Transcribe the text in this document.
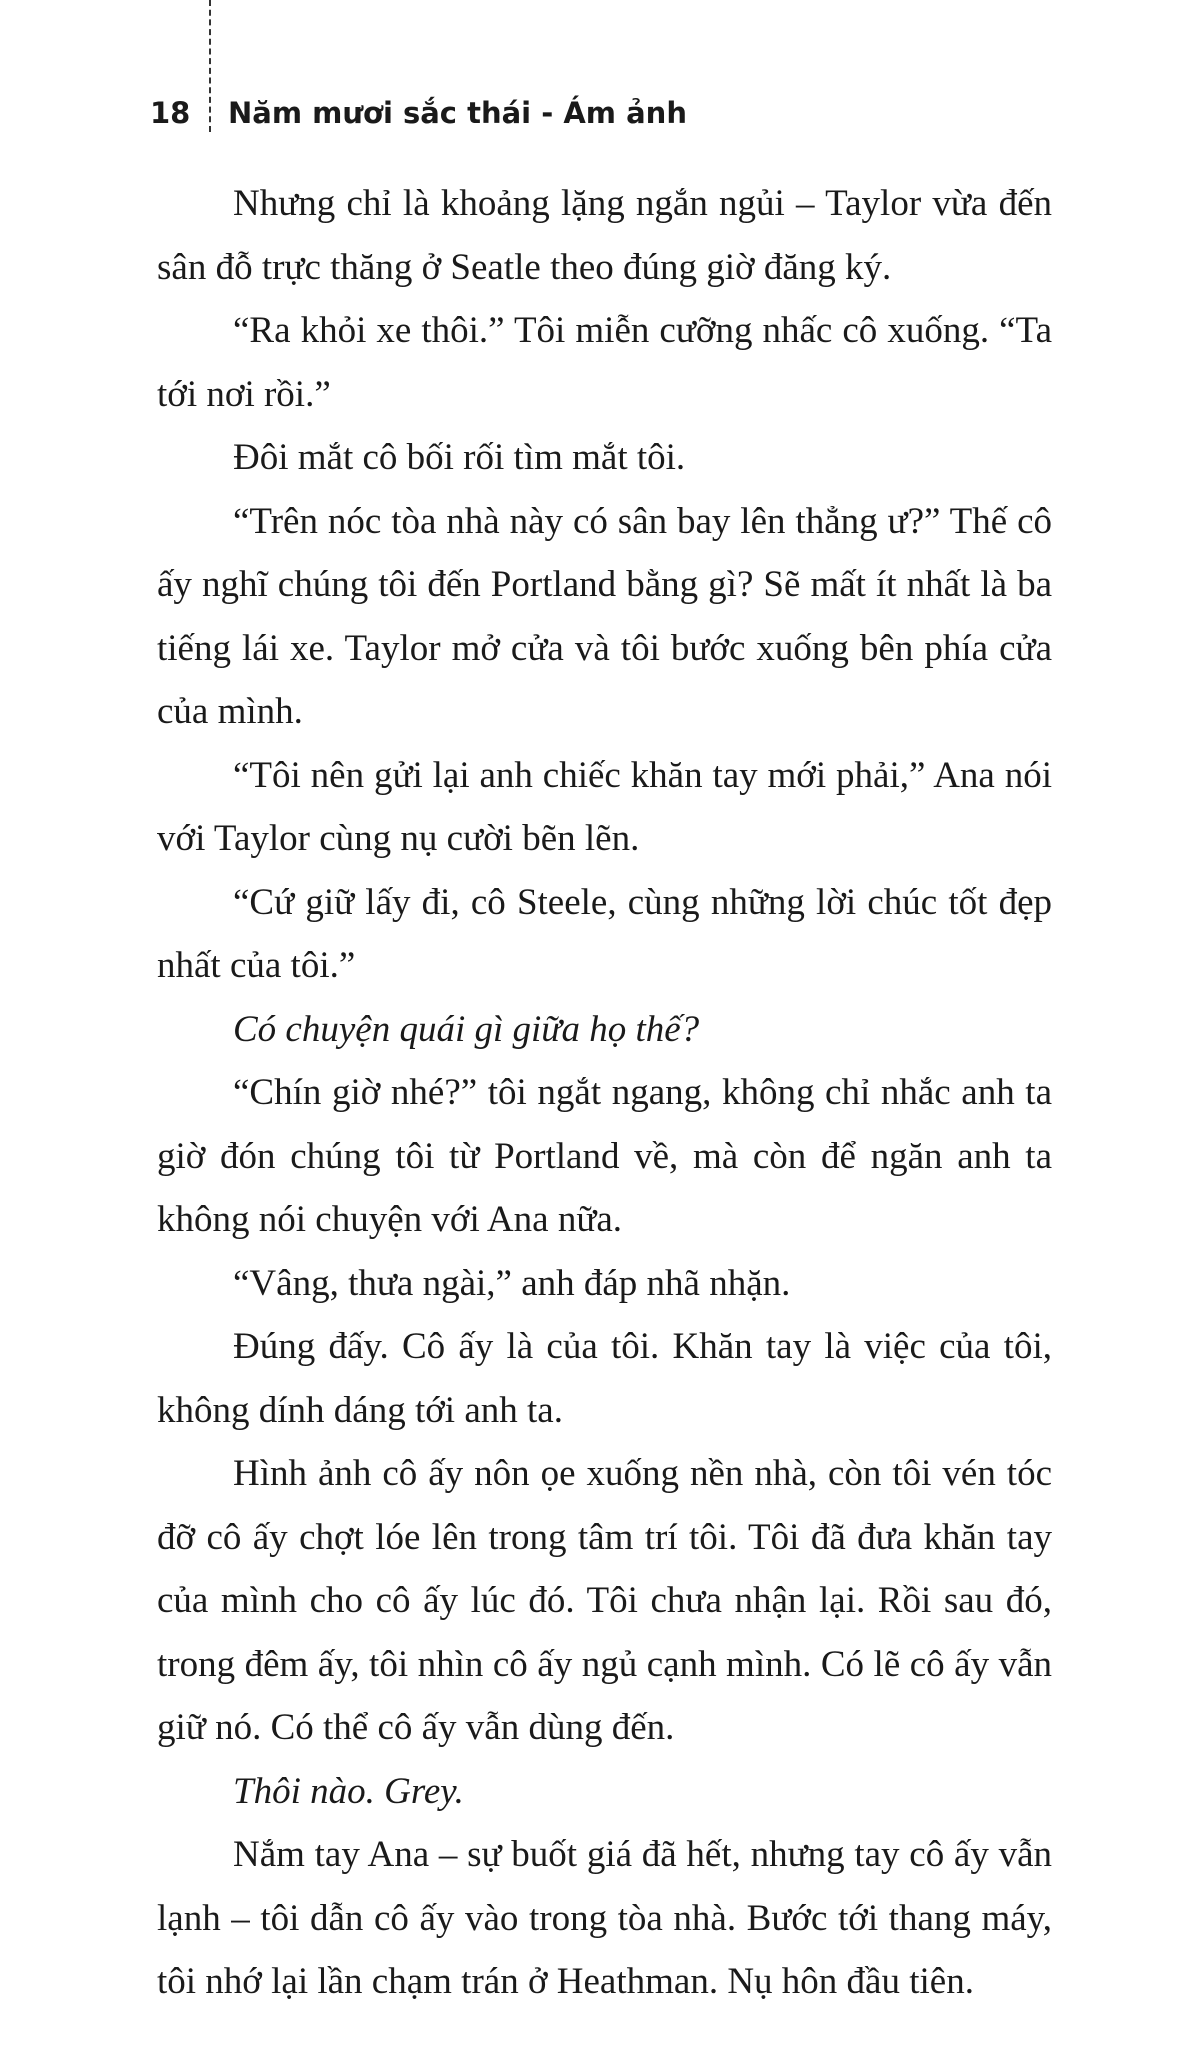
18 Năm mươi sắc thái - Ám ảnh

Nhưng chỉ là khoảng lặng ngắn ngủi – Taylor vừa đến sân đỗ trực thăng ở Seatle theo đúng giờ đăng ký.

“Ra khỏi xe thôi.” Tôi miễn cưỡng nhấc cô xuống. “Ta tới nơi rồi.”

Đôi mắt cô bối rối tìm mắt tôi.

“Trên nóc tòa nhà này có sân bay lên thẳng ư?” Thế cô ấy nghĩ chúng tôi đến Portland bằng gì? Sẽ mất ít nhất là ba tiếng lái xe. Taylor mở cửa và tôi bước xuống bên phía cửa của mình.

“Tôi nên gửi lại anh chiếc khăn tay mới phải,” Ana nói với Taylor cùng nụ cười bẽn lẽn.

“Cứ giữ lấy đi, cô Steele, cùng những lời chúc tốt đẹp nhất của tôi.”

Có chuyện quái gì giữa họ thế?

“Chín giờ nhé?” tôi ngắt ngang, không chỉ nhắc anh ta giờ đón chúng tôi từ Portland về, mà còn để ngăn anh ta không nói chuyện với Ana nữa.

“Vâng, thưa ngài,” anh đáp nhã nhặn.

Đúng đấy. Cô ấy là của tôi. Khăn tay là việc của tôi, không dính dáng tới anh ta.

Hình ảnh cô ấy nôn ọe xuống nền nhà, còn tôi vén tóc đỡ cô ấy chợt lóe lên trong tâm trí tôi. Tôi đã đưa khăn tay của mình cho cô ấy lúc đó. Tôi chưa nhận lại. Rồi sau đó, trong đêm ấy, tôi nhìn cô ấy ngủ cạnh mình. Có lẽ cô ấy vẫn giữ nó. Có thể cô ấy vẫn dùng đến.

Thôi nào. Grey.

Nắm tay Ana – sự buốt giá đã hết, nhưng tay cô ấy vẫn lạnh – tôi dẫn cô ấy vào trong tòa nhà. Bước tới thang máy, tôi nhớ lại lần chạm trán ở Heathman. Nụ hôn đầu tiên.
